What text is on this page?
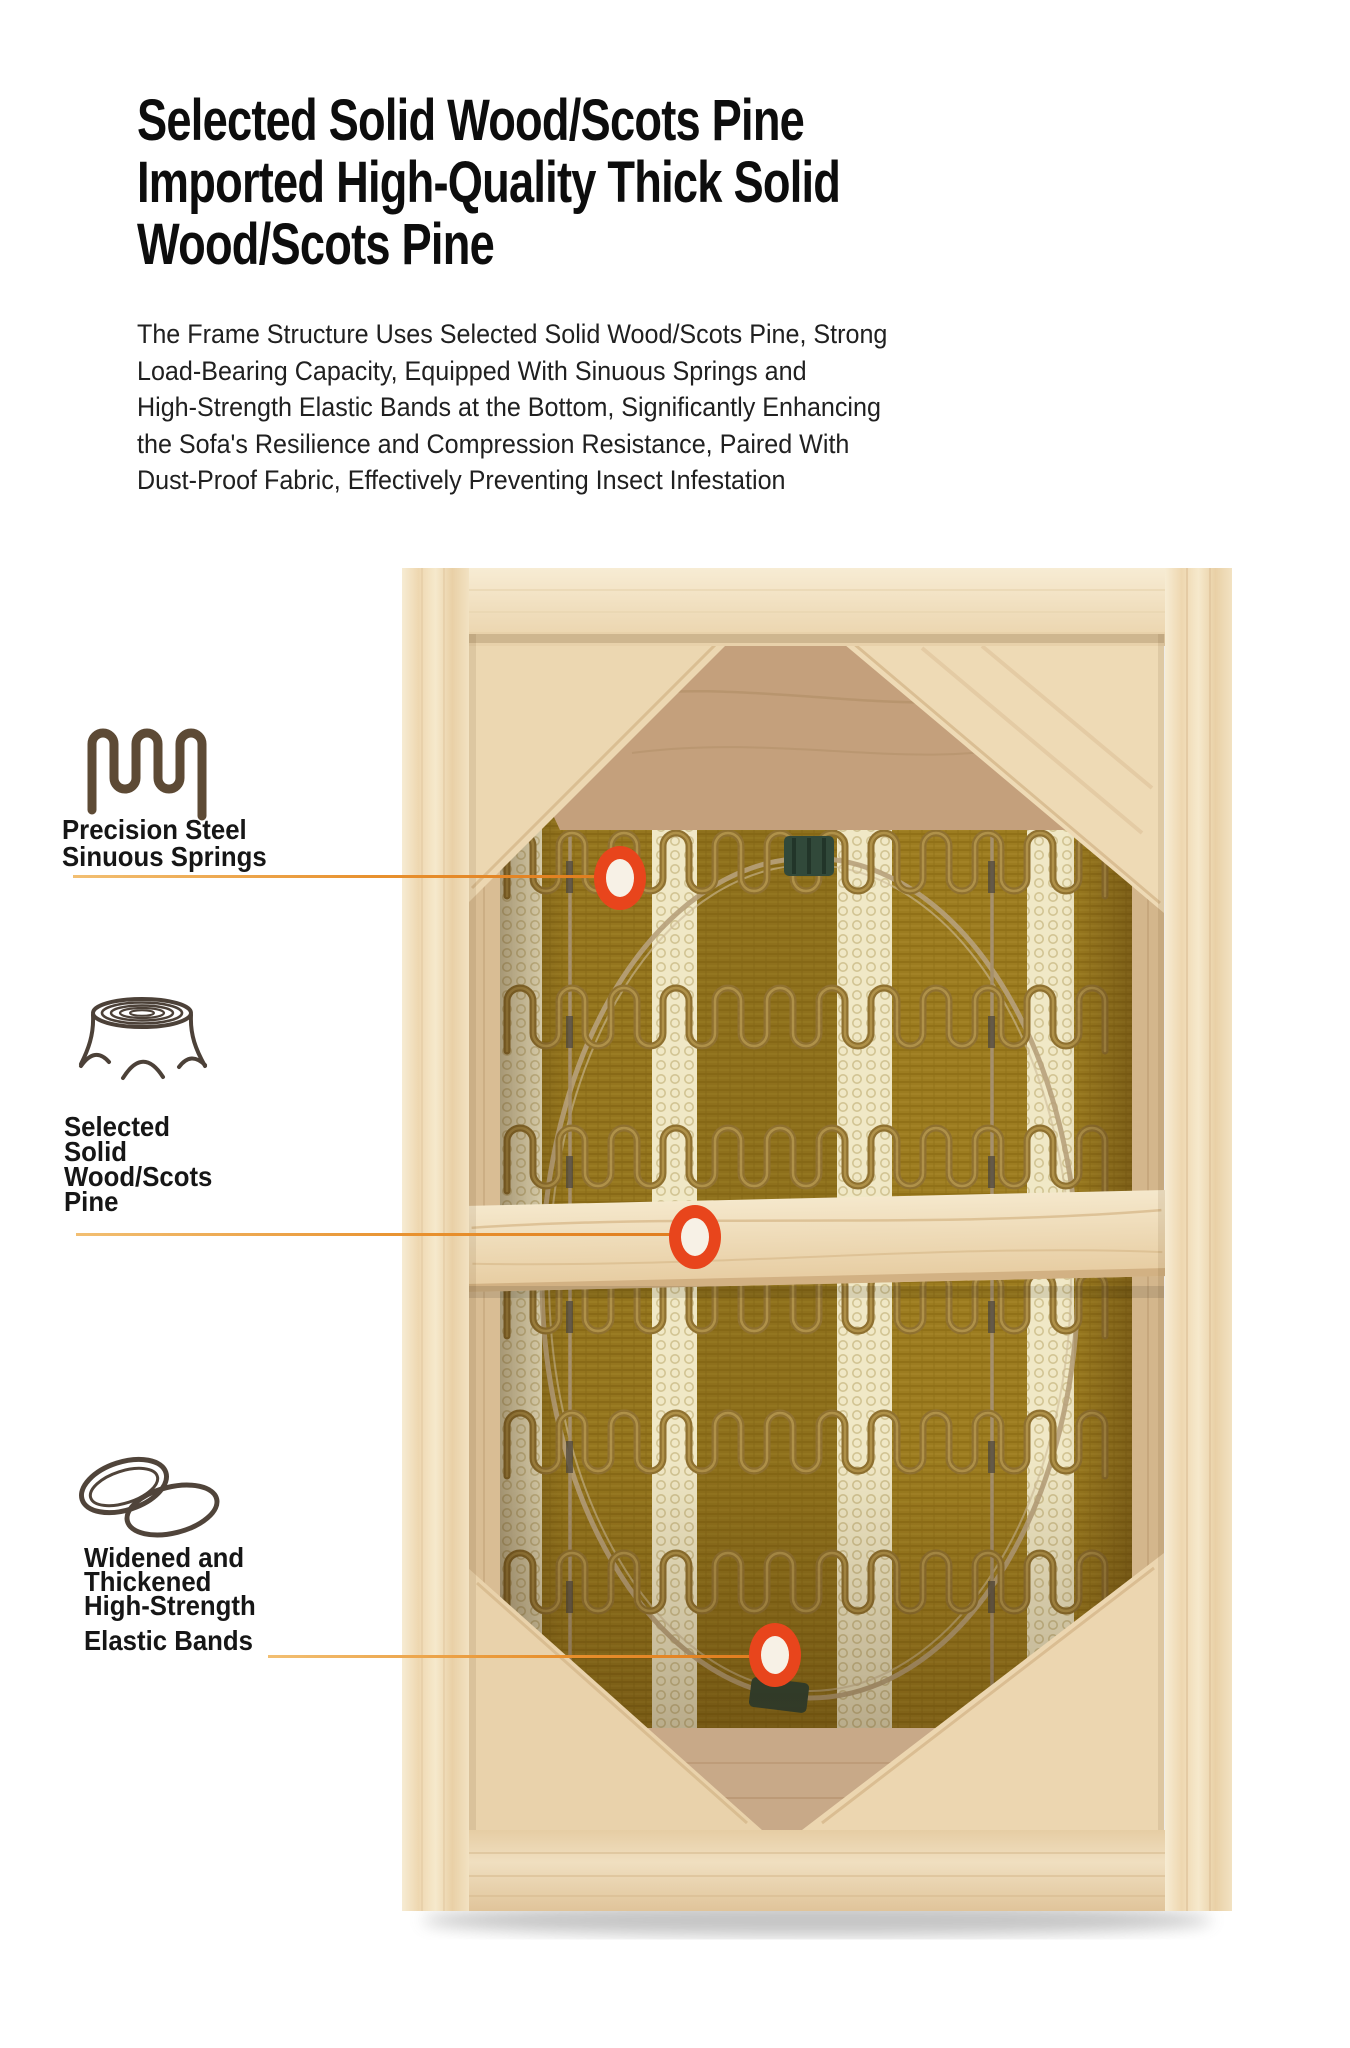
Selected Solid Wood/Scots Pine
Imported High-Quality Thick Solid
Wood/Scots Pine
The Frame Structure Uses Selected Solid Wood/Scots Pine, Strong
Load-Bearing Capacity, Equipped With Sinuous Springs and
High-Strength Elastic Bands at the Bottom, Significantly Enhancing
the Sofa's Resilience and Compression Resistance, Paired With
Dust-Proof Fabric, Effectively Preventing Insect Infestation
Precision Steel
Sinuous Springs
Selected
Solid
Wood/Scots
Pine
Widened and
Thickened
High-Strength
Elastic Bands
